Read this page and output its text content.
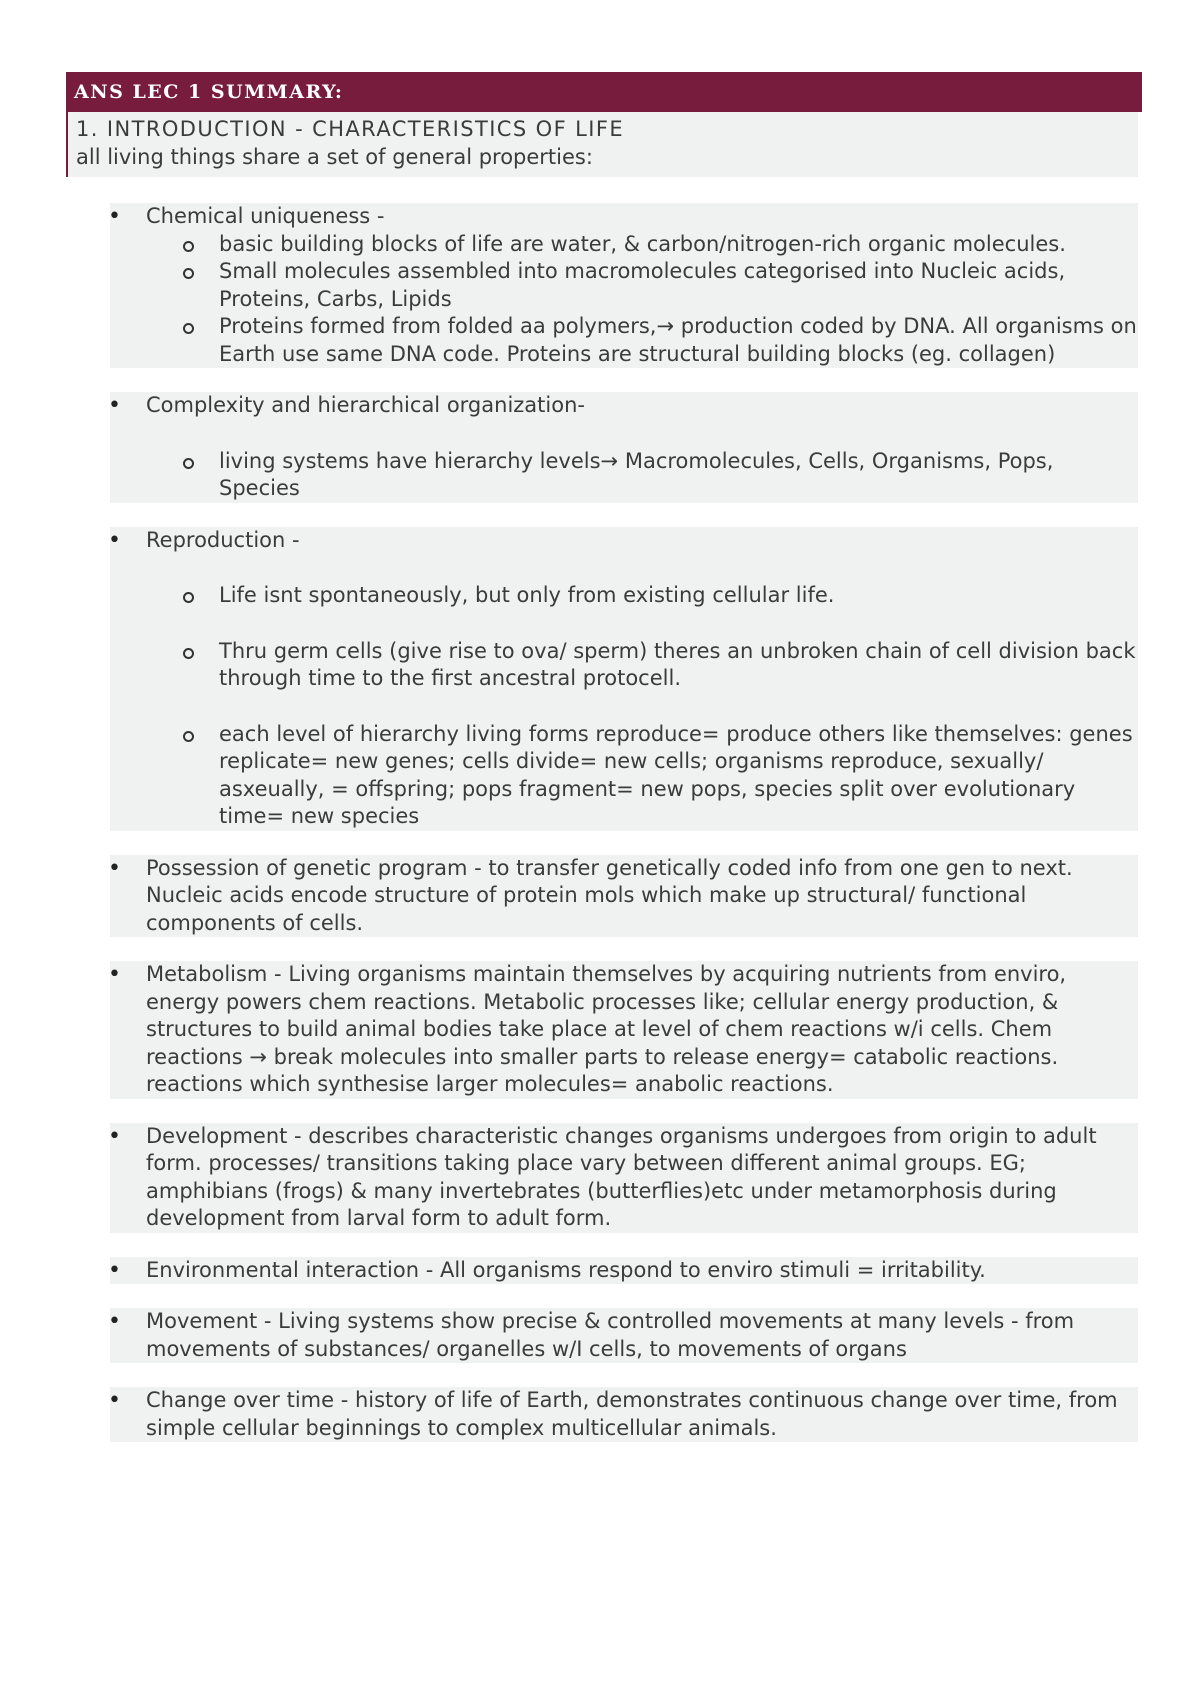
ANS LEC 1 SUMMARY:
1. INTRODUCTION - CHARACTERISTICS OF LIFE
all living things share a set of general properties:
•	Chemical uniqueness -
basic building blocks of life are water, & carbon/nitrogen-rich organic molecules.
Small molecules assembled into macromolecules categorised into Nucleic acids, Proteins, Carbs, Lipids
Proteins formed from folded aa polymers,→ production coded by DNA. All organisms on Earth use same DNA code. Proteins are structural building blocks (eg. collagen)
•	Complexity and hierarchical organization-
living systems have hierarchy levels→ Macromolecules, Cells, Organisms, Pops, Species
•	Reproduction -
Life isnt spontaneously, but only from existing cellular life.
Thru germ cells (give rise to ova/ sperm) theres an unbroken chain of cell division back through time to the first ancestral protocell.
each level of hierarchy living forms reproduce= produce others like themselves: genes replicate= new genes; cells divide= new cells; organisms reproduce, sexually/ asxeually, = offspring; pops fragment= new pops, species split over evolutionary time= new species
•	Possession of genetic program - to transfer genetically coded info from one gen to next. Nucleic acids encode structure of protein mols which make up structural/ functional components of cells.
•	Metabolism - Living organisms maintain themselves by acquiring nutrients from enviro, energy powers chem reactions. Metabolic processes like; cellular energy production, & structures to build animal bodies take place at level of chem reactions w/i cells. Chem reactions → break molecules into smaller parts to release energy= catabolic reactions. reactions which synthesise larger molecules= anabolic reactions.
•	Development - describes characteristic changes organisms undergoes from origin to adult form. processes/ transitions taking place vary between different animal groups. EG; amphibians (frogs) & many invertebrates (butterflies)etc under metamorphosis during development from larval form to adult form.
•	Environmental interaction - All organisms respond to enviro stimuli = irritability.
•	Movement - Living systems show precise & controlled movements at many levels - from movements of substances/ organelles w/I cells, to movements of organs
•	Change over time - history of life of Earth, demonstrates continuous change over time, from simple cellular beginnings to complex multicellular animals.
